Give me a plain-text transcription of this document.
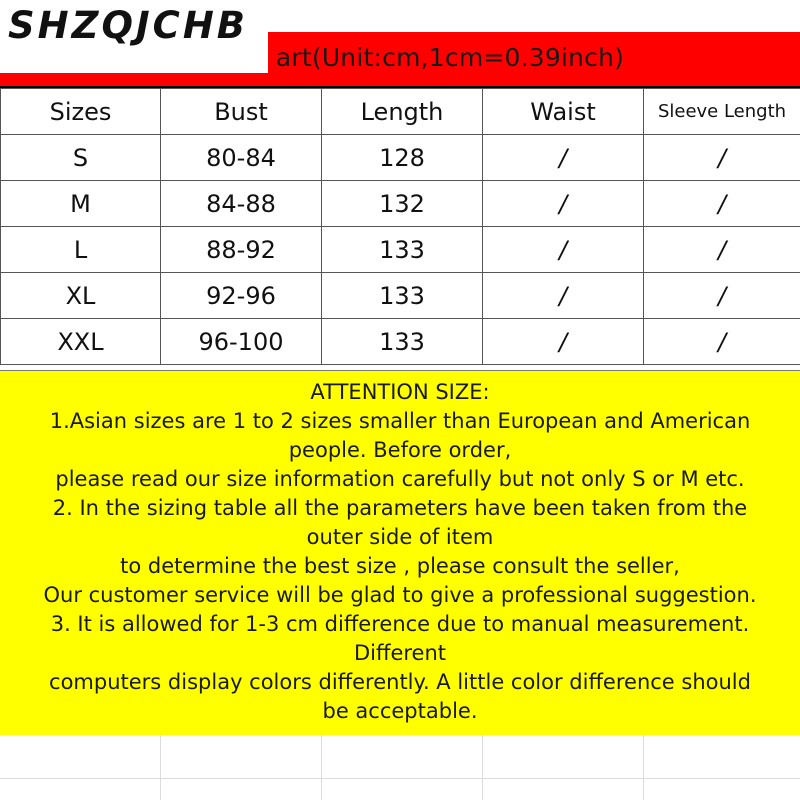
art(Unit:cm,1cm=0.39inch)
SHZQJCHB
Sizes	Bust	Length	Waist	Sleeve Length
S	80-84	128	/	/
M	84-88	132	/	/
L	88-92	133	/	/
XL	92-96	133	/	/
XXL	96-100	133	/	/
ATTENTION SIZE:
1.Asian sizes are 1 to 2 sizes smaller than European and American
people. Before order,
please read our size information carefully but not only S or M etc.
2. In the sizing table all the parameters have been taken from the
outer side of item
to determine the best size , please consult the seller,
Our customer service will be glad to give a professional suggestion.
3. It is allowed for 1-3 cm difference due to manual measurement.
Different
computers display colors differently. A little color difference should
be acceptable.
